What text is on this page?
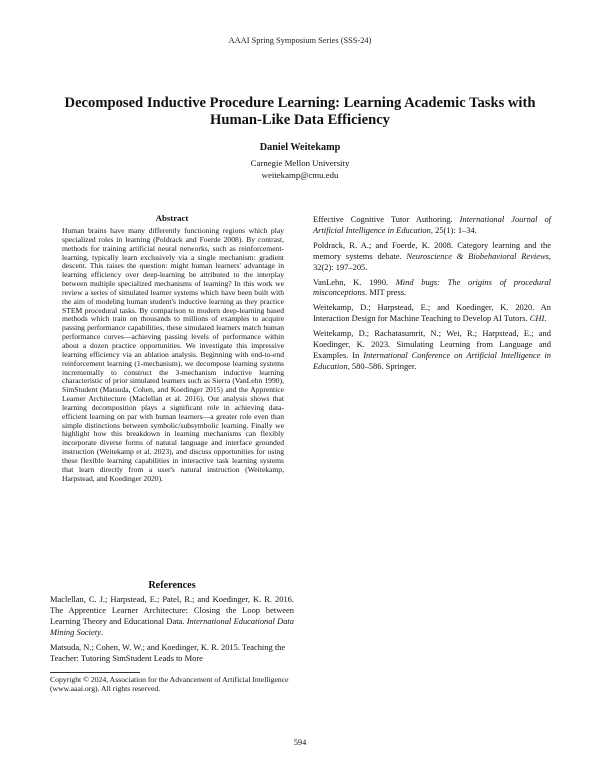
AAAI Spring Symposium Series (SSS-24)
Decomposed Inductive Procedure Learning: Learning Academic Tasks with Human-Like Data Efficiency
Daniel Weitekamp
Carnegie Mellon University
weitekamp@cmu.edu
Abstract
Human brains have many differently functioning regions which play specialized roles in learning (Poldrack and Foerde 2008). By contrast, methods for training artificial neural networks, such as reinforcement-learning, typically learn exclusively via a single mechanism: gradient descent. This raises the question: might human learners' advantage in learning efficiency over deep-learning be attributed to the interplay between multiple specialized mechanisms of learning? In this work we review a series of simulated learner systems which have been built with the aim of modeling human student's inductive learning as they practice STEM procedural tasks. By comparison to modern deep-learning based methods which train on thousands to millions of examples to acquire passing performance capabilities, these simulated learners match human performance curves—achieving passing levels of performance within about a dozen practice opportunities. We investigate this impressive learning efficiency via an ablation analysis. Beginning with end-to-end reinforcement learning (1-mechanism), we decompose learning systems incrementally to construct the 3-mechanism inductive learning characteristic of prior simulated learners such as Sierra (VanLehn 1990), SimStudent (Matsuda, Cohen, and Koedinger 2015) and the Apprentice Learner Architecture (Maclellan et al. 2016). Our analysis shows that learning decomposition plays a significant role in achieving data-efficient learning on par with human learners—a greater role even than simple distinctions between symbolic/subsymbolic learning. Finally we highlight how this breakdown in learning mechanisms can flexibly incorporate diverse forms of natural language and interface grounded instruction (Weitekamp et al. 2023), and discuss opportunities for using these flexible learning capabilities in interactive task learning systems that learn directly from a user's natural instruction (Weitekamp, Harpstead, and Koedinger 2020).
References
Maclellan, C. J.; Harpstead, E.; Patel, R.; and Koedinger, K. R. 2016. The Apprentice Learner Architecture: Closing the Loop between Learning Theory and Educational Data. International Educational Data Mining Society.
Matsuda, N.; Cohen, W. W.; and Koedinger, K. R. 2015. Teaching the Teacher: Tutoring SimStudent Leads to More
Effective Cognitive Tutor Authoring. International Journal of Artificial Intelligence in Education, 25(1): 1–34.
Poldrack, R. A.; and Foerde, K. 2008. Category learning and the memory systems debate. Neuroscience & Biobehavioral Reviews, 32(2): 197–205.
VanLehn, K. 1990. Mind bugs: The origins of procedural misconceptions. MIT press.
Weitekamp, D.; Harpstead, E.; and Koedinger, K. 2020. An Interaction Design for Machine Teaching to Develop AI Tutors. CHI.
Weitekamp, D.; Rachatasumrit, N.; Wei, R.; Harpstead, E.; and Koedinger, K. 2023. Simulating Learning from Language and Examples. In International Conference on Artificial Intelligence in Education, 580–586. Springer.
Copyright © 2024, Association for the Advancement of Artificial Intelligence (www.aaai.org). All rights reserved.
594
